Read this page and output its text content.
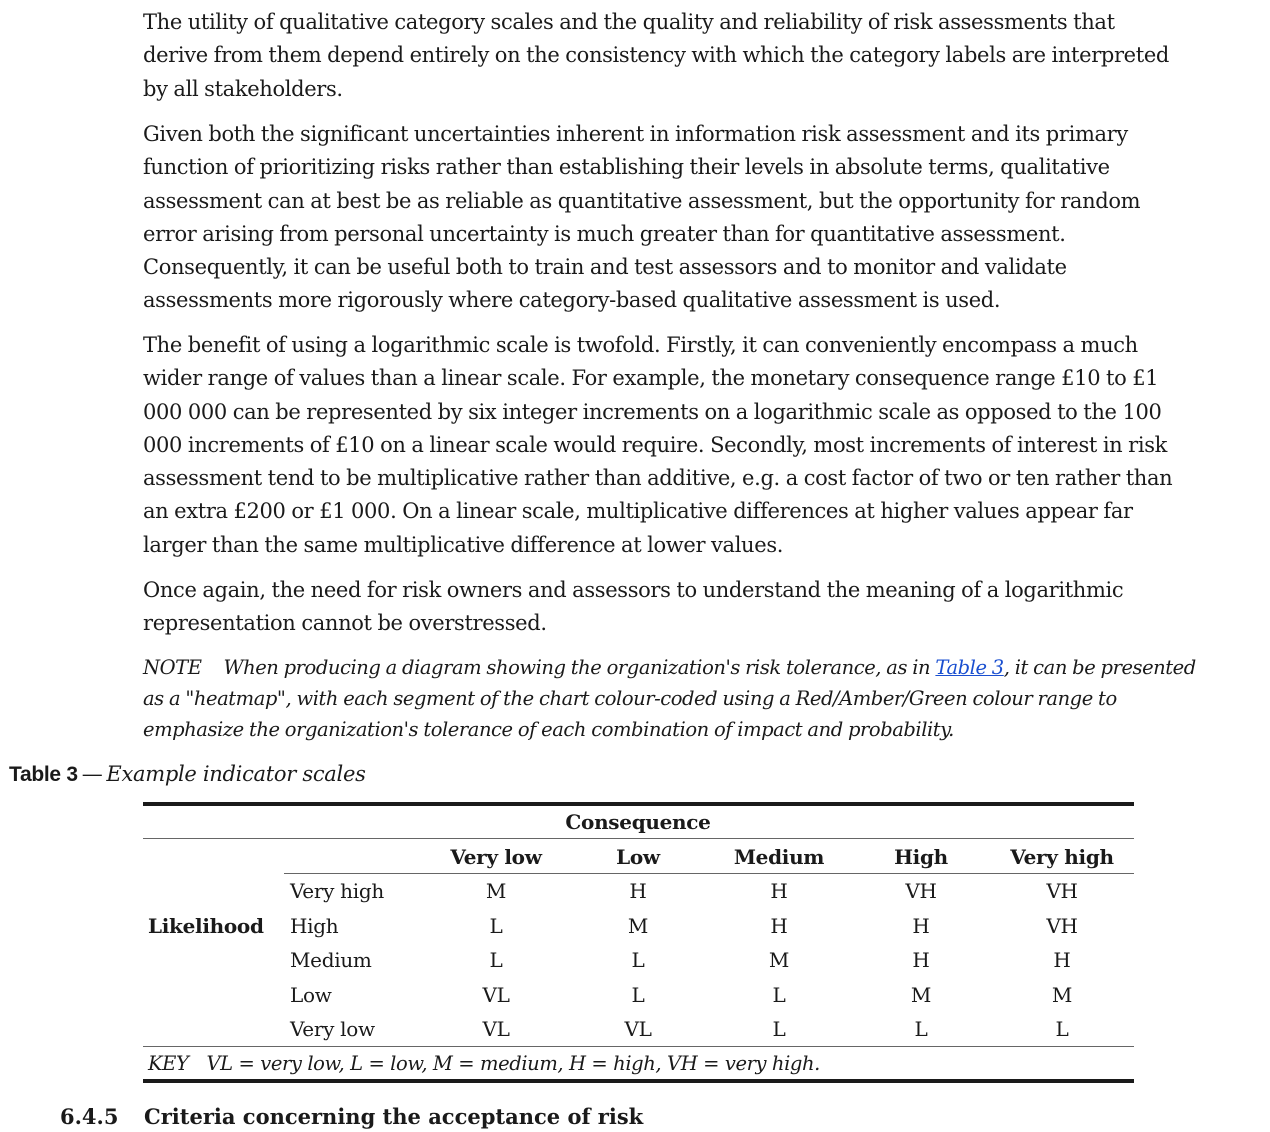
The utility of qualitative category scales and the quality and reliability of risk assessments that derive from them depend entirely on the consistency with which the category labels are interpreted by all stakeholders.

Given both the significant uncertainties inherent in information risk assessment and its primary function of prioritizing risks rather than establishing their levels in absolute terms, qualitative assessment can at best be as reliable as quantitative assessment, but the opportunity for random error arising from personal uncertainty is much greater than for quantitative assessment. Consequently, it can be useful both to train and test assessors and to monitor and validate assessments more rigorously where category-based qualitative assessment is used.

The benefit of using a logarithmic scale is twofold. Firstly, it can conveniently encompass a much wider range of values than a linear scale. For example, the monetary consequence range £10 to £1 000 000 can be represented by six integer increments on a logarithmic scale as opposed to the 100 000 increments of £10 on a linear scale would require. Secondly, most increments of interest in risk assessment tend to be multiplicative rather than additive, e.g. a cost factor of two or ten rather than an extra £200 or £1 000. On a linear scale, multiplicative differences at higher values appear far larger than the same multiplicative difference at lower values.

Once again, the need for risk owners and assessors to understand the meaning of a logarithmic representation cannot be overstressed.

NOTE When producing a diagram showing the organization's risk tolerance, as in Table 3, it can be presented as a "heatmap", with each segment of the chart colour-coded using a Red/Amber/Green colour range to emphasize the organization's tolerance of each combination of impact and probability.

Table 3 — Example indicator scales

Consequence
Very low	Low	Medium	High	Very high
Likelihood
Very high	M	H	H	VH	VH
High	L	M	H	H	VH
Medium	L	L	M	H	H
Low	VL	L	L	M	M
Very low	VL	VL	L	L	L
KEY VL = very low, L = low, M = medium, H = high, VH = very high.
6.4.5 Criteria concerning the acceptance of risk
